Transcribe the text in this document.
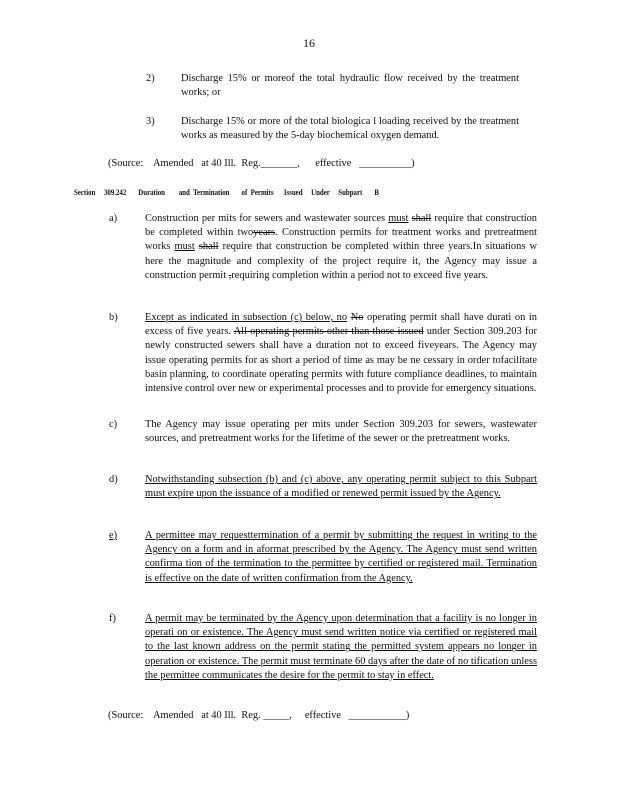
16
2)	Discharge 15% or moreof the total hydraulic flow received by the treatment works; or
3)	Discharge 15% or more of the total biologica l loading received by the treatment works as measured by the 5-day biochemical oxygen demand.
(Source:    Amended   at 40 Ill.  Reg._______,      effective   __________)
Section     309.242       Duration        and  Termination       of  Permits      Issued     Under     Subpart       B
a)	Construction per mits for sewers and wastewater sources must shall require that construction be completed within twoyears. Construction permits for treatment works and pretreatment works must shall require that construction be completed within three years.In situations w here the magnitude and complexity of the project require it, the Agency may issue a construction permit ,requiring completion within a period not to exceed five years.
b)	Except as indicated in subsection (c) below, no No operating permit shall have durati on in excess of five years. All operating permits other than those issued under Section 309.203 for newly constructed sewers shall have a duration not to exceed fiveyears. The Agency may issue operating permits for as short a period of time as may be ne cessary in order tofacilitate basin planning, to coordinate operating permits with future compliance deadlines, to maintain intensive control over new or experimental processes and to provide for emergency situations.
c)	The Agency may issue operating per mits under Section 309.203 for sewers, wastewater sources, and pretreatment works for the lifetime of the sewer or the pretreatment works.
d)	Notwithstanding subsection (b) and (c) above, any operating permit subject to this Subpart must expire upon the issuance of a modified or renewed permit issued by the Agency.
e)	A permittee may requesttermination of a permit by submitting the request in writing to the Agency on a form and in aformat prescribed by the Agency. The Agency must send written confirma tion of the termination to the permittee by certified or registered mail. Termination is effective on the date of written confirmation from the Agency.
f)	A permit may be terminated by the Agency upon determination that a facility is no longer in operati on or existence. The Agency must send written notice via certified or registered mail to the last known address on the permit stating the permitted system appears no longer in operation or existence. The permit must terminate 60 days after the date of no tification unless the permittee communicates the desire for the permit to stay in effect.
(Source:    Amended   at 40 Ill.  Reg. _____,     effective   ___________)
